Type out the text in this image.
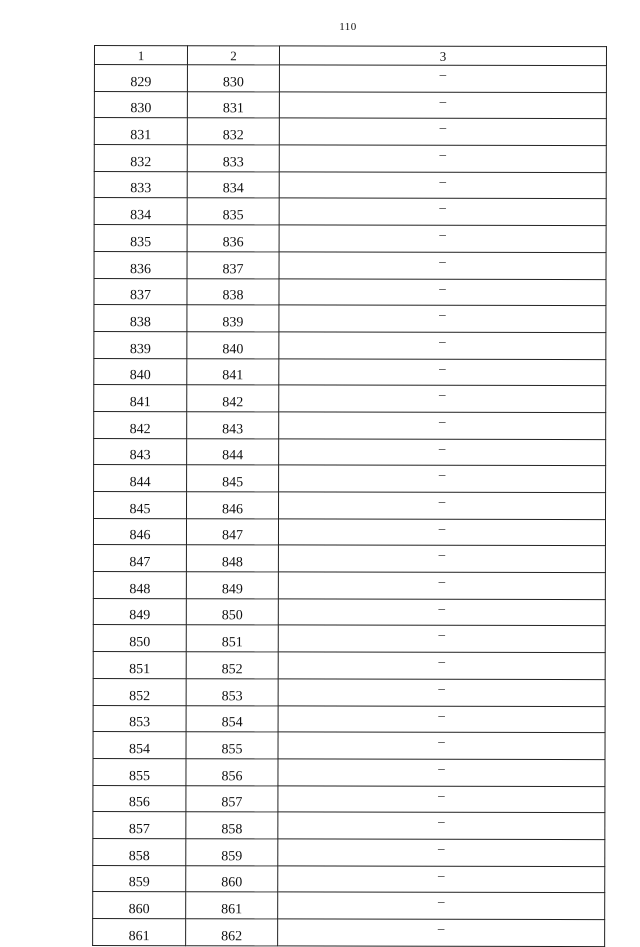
110
1	2	3
829	830	–
830	831	–
831	832	–
832	833	–
833	834	–
834	835	–
835	836	–
836	837	–
837	838	–
838	839	–
839	840	–
840	841	–
841	842	–
842	843	–
843	844	–
844	845	–
845	846	–
846	847	–
847	848	–
848	849	–
849	850	–
850	851	–
851	852	–
852	853	–
853	854	–
854	855	–
855	856	–
856	857	–
857	858	–
858	859	–
859	860	–
860	861	–
861	862	–
